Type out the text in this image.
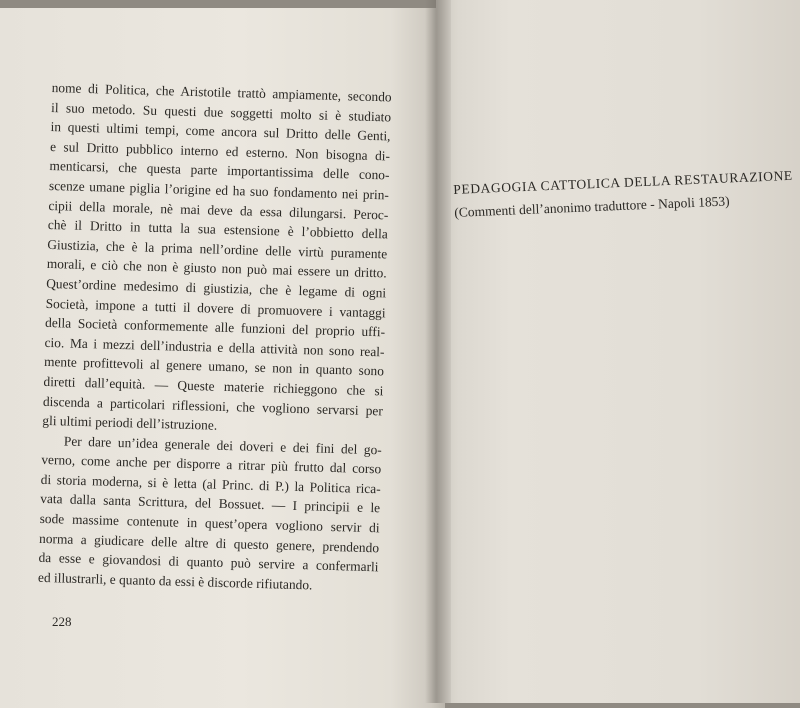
nome di Politica, che Aristotile trattò ampiamente, secondo
il suo metodo. Su questi due soggetti molto si è studiato
in questi ultimi tempi, come ancora sul Dritto delle Genti,
e sul Dritto pubblico interno ed esterno. Non bisogna di-
menticarsi, che questa parte importantissima delle cono-
scenze umane piglia l’origine ed ha suo fondamento nei prin-
cipii della morale, nè mai deve da essa dilungarsi. Peroc-
chè il Dritto in tutta la sua estensione è l’obbietto della
Giustizia, che è la prima nell’ordine delle virtù puramente
morali, e ciò che non è giusto non può mai essere un dritto.
Quest’ordine medesimo di giustizia, che è legame di ogni
Società, impone a tutti il dovere di promuovere i vantaggi
della Società conformemente alle funzioni del proprio uffi-
cio. Ma i mezzi dell’industria e della attività non sono real-
mente profittevoli al genere umano, se non in quanto sono
diretti dall’equità. — Queste materie richieggono che si
discenda a particolari riflessioni, che vogliono servarsi per
gli ultimi periodi dell’istruzione.
Per dare un’idea generale dei doveri e dei fini del go-
verno, come anche per disporre a ritrar più frutto dal corso
di storia moderna, si è letta (al Princ. di P.) la Politica rica-
vata dalla santa Scrittura, del Bossuet. — I principii e le
sode massime contenute in quest’opera vogliono servir di
norma a giudicare delle altre di questo genere, prendendo
da esse e giovandosi di quanto può servire a confermarli
ed illustrarli, e quanto da essi è discorde rifiutando.
228
PEDAGOGIA CATTOLICA DELLA RESTAURAZIONE
(Commenti dell’anonimo traduttore - Napoli 1853)
